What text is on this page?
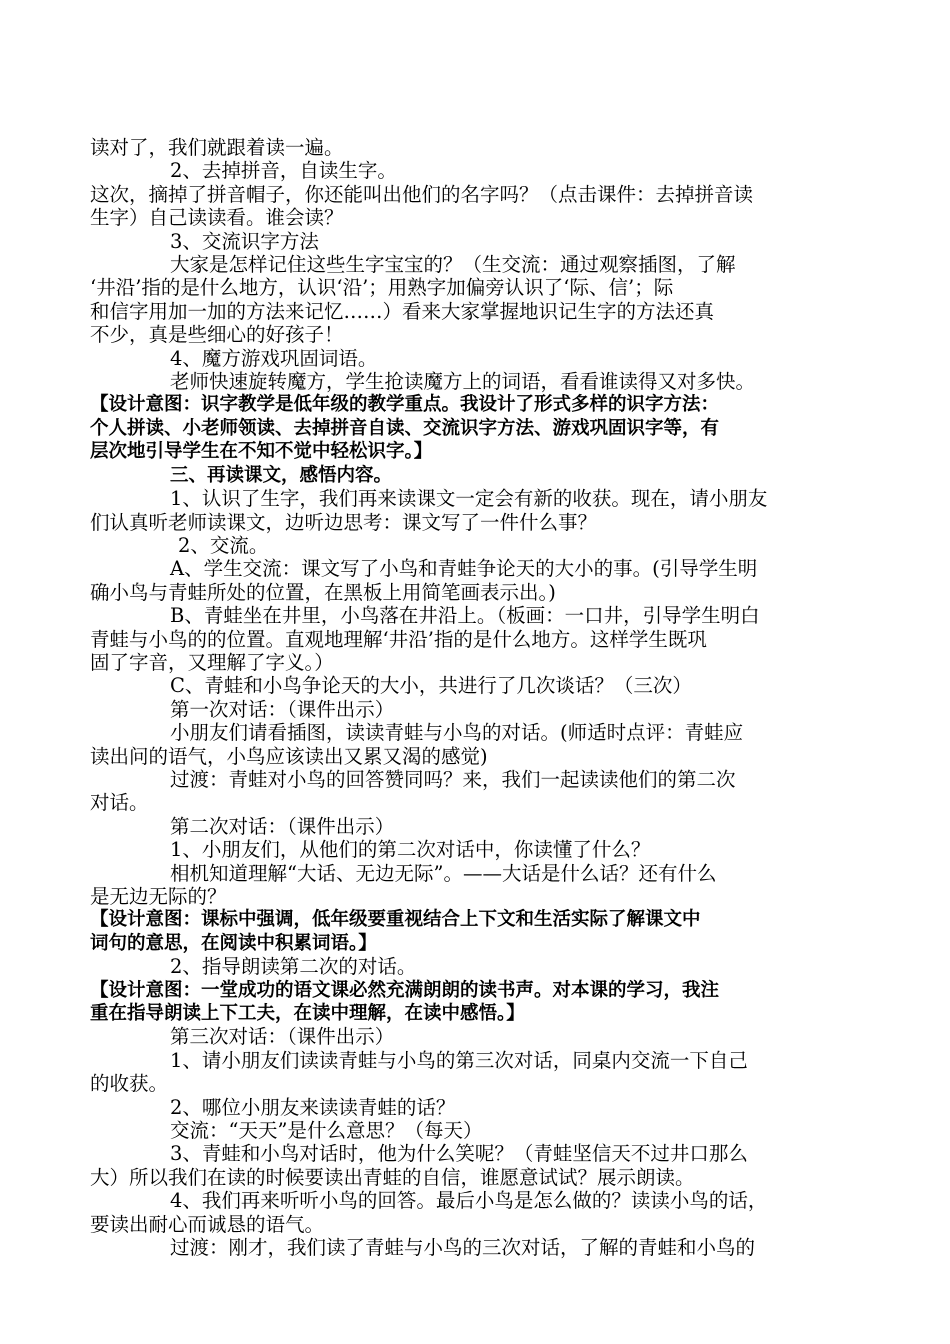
读对了，我们就跟着读一遍。

2、去掉拼音，自读生字。

这次，摘掉了拼音帽子，你还能叫出他们的名字吗？（点击课件：去掉拼音读

生字）自己读读看。谁会读？

3、交流识字方法

大家是怎样记住这些生字宝宝的？（生交流：通过观察插图，了解

‘井沿’指的是什么地方，认识‘沿’；用熟字加偏旁认识了‘际、信’；际

和信字用加一加的方法来记忆……）看来大家掌握地识记生字的方法还真

不少，真是些细心的好孩子！

4、魔方游戏巩固词语。

老师快速旋转魔方，学生抢读魔方上的词语，看看谁读得又对多快。

【设计意图：识字教学是低年级的教学重点。我设计了形式多样的识字方法：

个人拼读、小老师领读、去掉拼音自读、交流识字方法、游戏巩固识字等，有

层次地引导学生在不知不觉中轻松识字。】

三、再读课文，感悟内容。

1、认识了生字，我们再来读课文一定会有新的收获。现在，请小朋友

们认真听老师读课文，边听边思考：课文写了一件什么事？

2、交流。

A、学生交流：课文写了小鸟和青蛙争论天的大小的事。(引导学生明

确小鸟与青蛙所处的位置，在黑板上用简笔画表示出。)

B、青蛙坐在井里，小鸟落在井沿上。（板画：一口井，引导学生明白

青蛙与小鸟的的位置。直观地理解‘井沿’指的是什么地方。这样学生既巩

固了字音，又理解了字义。）

C、青蛙和小鸟争论天的大小，共进行了几次谈话？（三次）

第一次对话：（课件出示）

小朋友们请看插图，读读青蛙与小鸟的对话。(师适时点评：青蛙应

读出问的语气，小鸟应该读出又累又渴的感觉)

过渡：青蛙对小鸟的回答赞同吗？来，我们一起读读他们的第二次

对话。

第二次对话：（课件出示）

1、小朋友们，从他们的第二次对话中，你读懂了什么？

相机知道理解“大话、无边无际”。——大话是什么话？还有什么

是无边无际的？

【设计意图：课标中强调，低年级要重视结合上下文和生活实际了解课文中

词句的意思，在阅读中积累词语。】

2、指导朗读第二次的对话。

【设计意图：一堂成功的语文课必然充满朗朗的读书声。对本课的学习，我注

重在指导朗读上下工夫，在读中理解，在读中感悟。】

第三次对话：（课件出示）

1、请小朋友们读读青蛙与小鸟的第三次对话，同桌内交流一下自己

的收获。

2、哪位小朋友来读读青蛙的话？

交流：“天天”是什么意思？（每天）

3、青蛙和小鸟对话时，他为什么笑呢？（青蛙坚信天不过井口那么

大）所以我们在读的时候要读出青蛙的自信，谁愿意试试？展示朗读。

4、我们再来听听小鸟的回答。最后小鸟是怎么做的？读读小鸟的话，

要读出耐心而诚恳的语气。

过渡：刚才，我们读了青蛙与小鸟的三次对话，了解的青蛙和小鸟的
